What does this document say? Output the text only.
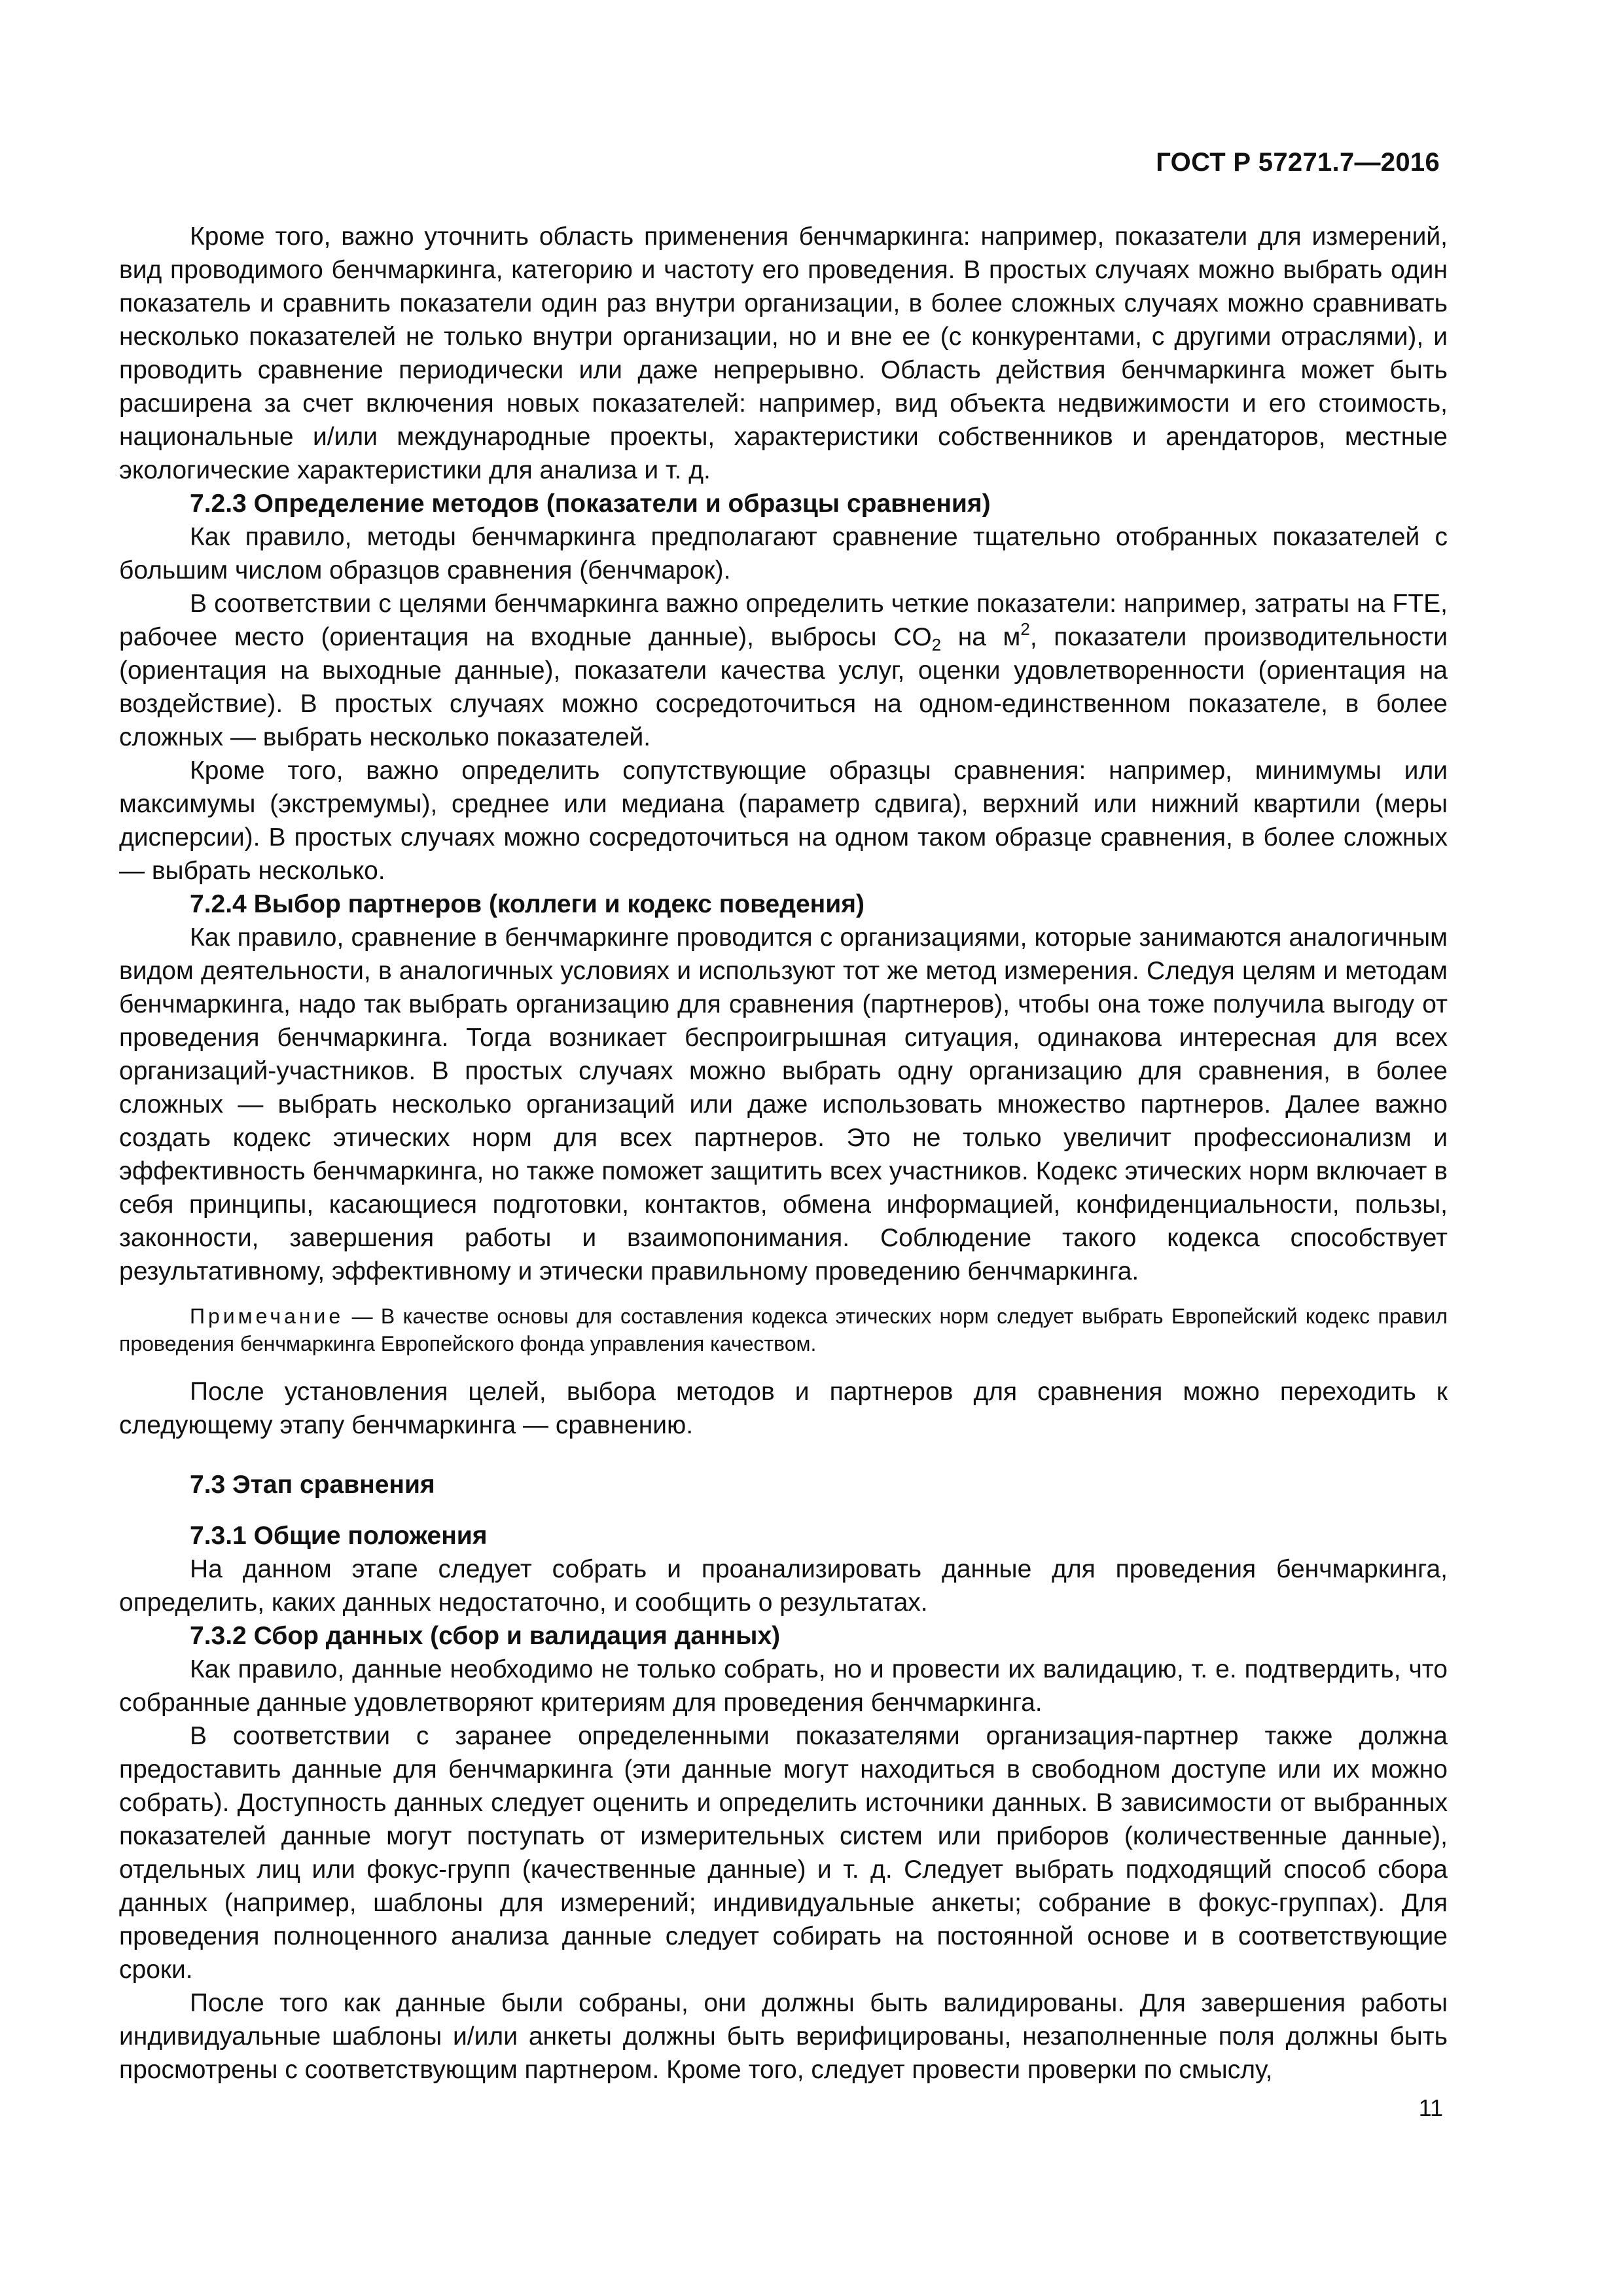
ГОСТ Р 57271.7—2016

Кроме того, важно уточнить область применения бенчмаркинга: например, показатели для измерений, вид проводимого бенчмаркинга, категорию и частоту его проведения. В простых случаях можно выбрать один показатель и сравнить показатели один раз внутри организации, в более сложных случаях можно сравнивать несколько показателей не только внутри организации, но и вне ее (с конкурентами, с другими отраслями), и проводить сравнение периодически или даже непрерывно. Область действия бенчмаркинга может быть расширена за счет включения новых показателей: например, вид объекта недвижимости и его стоимость, национальные и/или международные проекты, характеристики собственников и арендаторов, местные экологические характеристики для анализа и т. д.

7.2.3 Определение методов (показатели и образцы сравнения)

Как правило, методы бенчмаркинга предполагают сравнение тщательно отобранных показателей с большим числом образцов сравнения (бенчмарок).

В соответствии с целями бенчмаркинга важно определить четкие показатели: например, затраты на FTE, рабочее место (ориентация на входные данные), выбросы $CO_2$ на $м^2$, показатели производительности (ориентация на выходные данные), показатели качества услуг, оценки удовлетворенности (ориентация на воздействие). В простых случаях можно сосредоточиться на одном-единственном показателе, в более сложных — выбрать несколько показателей.

Кроме того, важно определить сопутствующие образцы сравнения: например, минимумы или максимумы (экстремумы), среднее или медиана (параметр сдвига), верхний или нижний квартили (меры дисперсии). В простых случаях можно сосредоточиться на одном таком образце сравнения, в более сложных — выбрать несколько.

7.2.4 Выбор партнеров (коллеги и кодекс поведения)

Как правило, сравнение в бенчмаркинге проводится с организациями, которые занимаются аналогичным видом деятельности, в аналогичных условиях и используют тот же метод измерения. Следуя целям и методам бенчмаркинга, надо так выбрать организацию для сравнения (партнеров), чтобы она тоже получила выгоду от проведения бенчмаркинга. Тогда возникает беспроигрышная ситуация, одинакова интересная для всех организаций-участников. В простых случаях можно выбрать одну организацию для сравнения, в более сложных — выбрать несколько организаций или даже использовать множество партнеров. Далее важно создать кодекс этических норм для всех партнеров. Это не только увеличит профессионализм и эффективность бенчмаркинга, но также поможет защитить всех участников. Кодекс этических норм включает в себя принципы, касающиеся подготовки, контактов, обмена информацией, конфиденциальности, пользы, законности, завершения работы и взаимопонимания. Соблюдение такого кодекса способствует результативному, эффективному и этически правильному проведению бенчмаркинга.

Примечание — В качестве основы для составления кодекса этических норм следует выбрать Европейский кодекс правил проведения бенчмаркинга Европейского фонда управления качеством.

После установления целей, выбора методов и партнеров для сравнения можно переходить к следующему этапу бенчмаркинга — сравнению.

7.3 Этап сравнения
7.3.1 Общие положения

На данном этапе следует собрать и проанализировать данные для проведения бенчмаркинга, определить, каких данных недостаточно, и сообщить о результатах.

7.3.2 Сбор данных (сбор и валидация данных)

Как правило, данные необходимо не только собрать, но и провести их валидацию, т. е. подтвердить, что собранные данные удовлетворяют критериям для проведения бенчмаркинга.

В соответствии с заранее определенными показателями организация-партнер также должна предоставить данные для бенчмаркинга (эти данные могут находиться в свободном доступе или их можно собрать). Доступность данных следует оценить и определить источники данных. В зависимости от выбранных показателей данные могут поступать от измерительных систем или приборов (количественные данные), отдельных лиц или фокус-групп (качественные данные) и т. д. Следует выбрать подходящий способ сбора данных (например, шаблоны для измерений; индивидуальные анкеты; собрание в фокус-группах). Для проведения полноценного анализа данные следует собирать на постоянной основе и в соответствующие сроки.

После того как данные были собраны, они должны быть валидированы. Для завершения работы индивидуальные шаблоны и/или анкеты должны быть верифицированы, незаполненные поля должны быть просмотрены с соответствующим партнером. Кроме того, следует провести проверки по смыслу,

11
